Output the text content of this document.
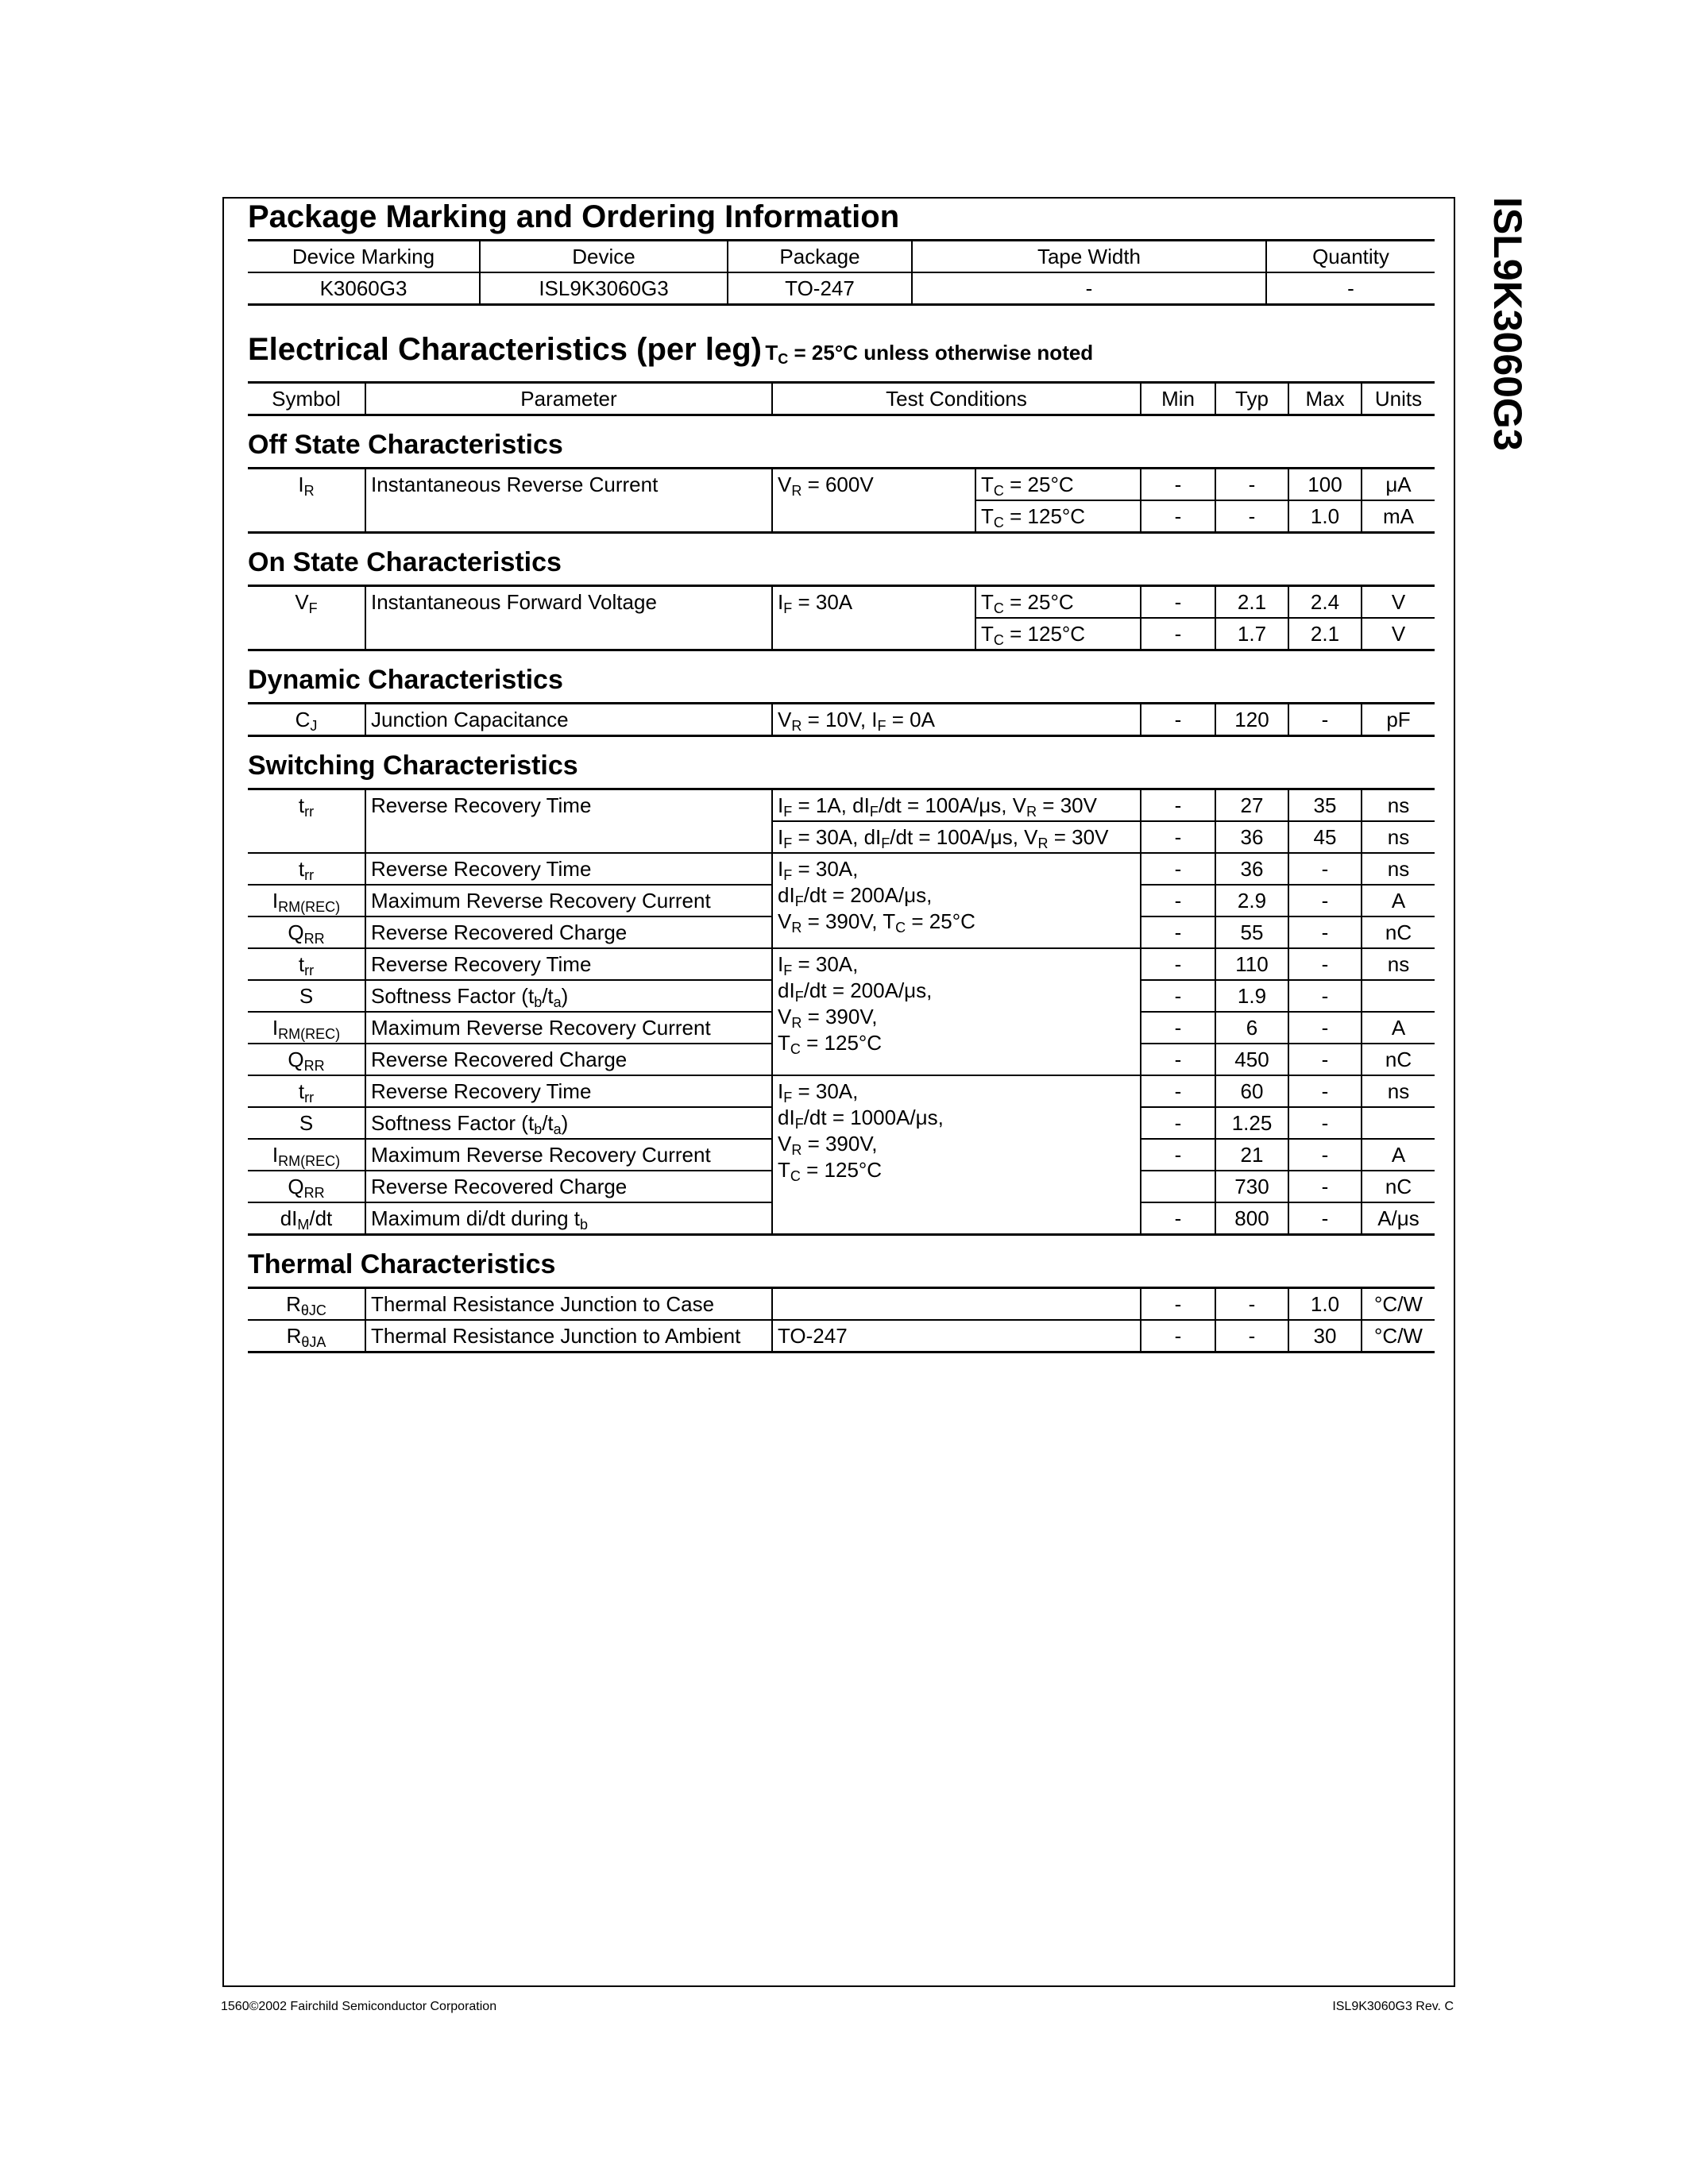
ISL9K3060G3
Package Marking and Ordering Information
Device Marking	Device	Package	Tape Width	Quantity
K3060G3	ISL9K3060G3	TO-247	-	-
Electrical Characteristics (per leg) $T_C = 25^\circ C$ unless otherwise noted
Symbol	Parameter	Test Conditions	Min	Typ	Max	Units
Off State Characteristics
$I_R$	Instantaneous Reverse Current	$V_R = 600V$	$T_C = 25^\circ C$	-	-	100	μA
			$T_C = 125^\circ C$	-	-	1.0	mA
On State Characteristics
$V_F$	Instantaneous Forward Voltage	$I_F = 30A$	$T_C = 25^\circ C$	-	2.1	2.4	V
			$T_C = 125^\circ C$	-	1.7	2.1	V
Dynamic Characteristics
$C_J$	Junction Capacitance	$V_R = 10V$, $I_F = 0A$	-	120	-	pF
Switching Characteristics
$t_{rr}$	Reverse Recovery Time	$I_F = 1A$, $dI_F/dt = 100A/\mu s$, $V_R = 30V$	-	27	35	ns
		$I_F = 30A$, $dI_F/dt = 100A/\mu s$, $V_R = 30V$	-	36	45	ns
$t_{rr}$	Reverse Recovery Time	$I_F = 30A$,
$dI_F/dt = 200A/\mu s$,
$V_R = 390V$, $T_C = 25^\circ C$	-	36	-	ns
$I_{RM(REC)}$	Maximum Reverse Recovery Current		-	2.9	-	A
$Q_{RR}$	Reverse Recovered Charge		-	55	-	nC
$t_{rr}$	Reverse Recovery Time	$I_F = 30A$,
$dI_F/dt = 200A/\mu s$,
$V_R = 390V$,
$T_C = 125^\circ C$	-	110	-	ns
S	Softness Factor $(t_b/t_a)$		-	1.9	-	
$I_{RM(REC)}$	Maximum Reverse Recovery Current		-	6	-	A
$Q_{RR}$	Reverse Recovered Charge		-	450	-	nC
$t_{rr}$	Reverse Recovery Time	$I_F = 30A$,
$dI_F/dt = 1000A/\mu s$,
$V_R = 390V$,
$T_C = 125^\circ C$	-	60	-	ns
S	Softness Factor $(t_b/t_a)$		-	1.25	-	
$I_{RM(REC)}$	Maximum Reverse Recovery Current		-	21	-	A
$Q_{RR}$	Reverse Recovered Charge			730	-	nC
$dI_M/dt$	Maximum di/dt during $t_b$		-	800	-	A/μs
Thermal Characteristics
$R_{\theta JC}$	Thermal Resistance Junction to Case		-	-	1.0	°C/W
$R_{\theta JA}$	Thermal Resistance Junction to Ambient	TO-247	-	-	30	°C/W
1560©2002 Fairchild Semiconductor Corporation	ISL9K3060G3 Rev. C
